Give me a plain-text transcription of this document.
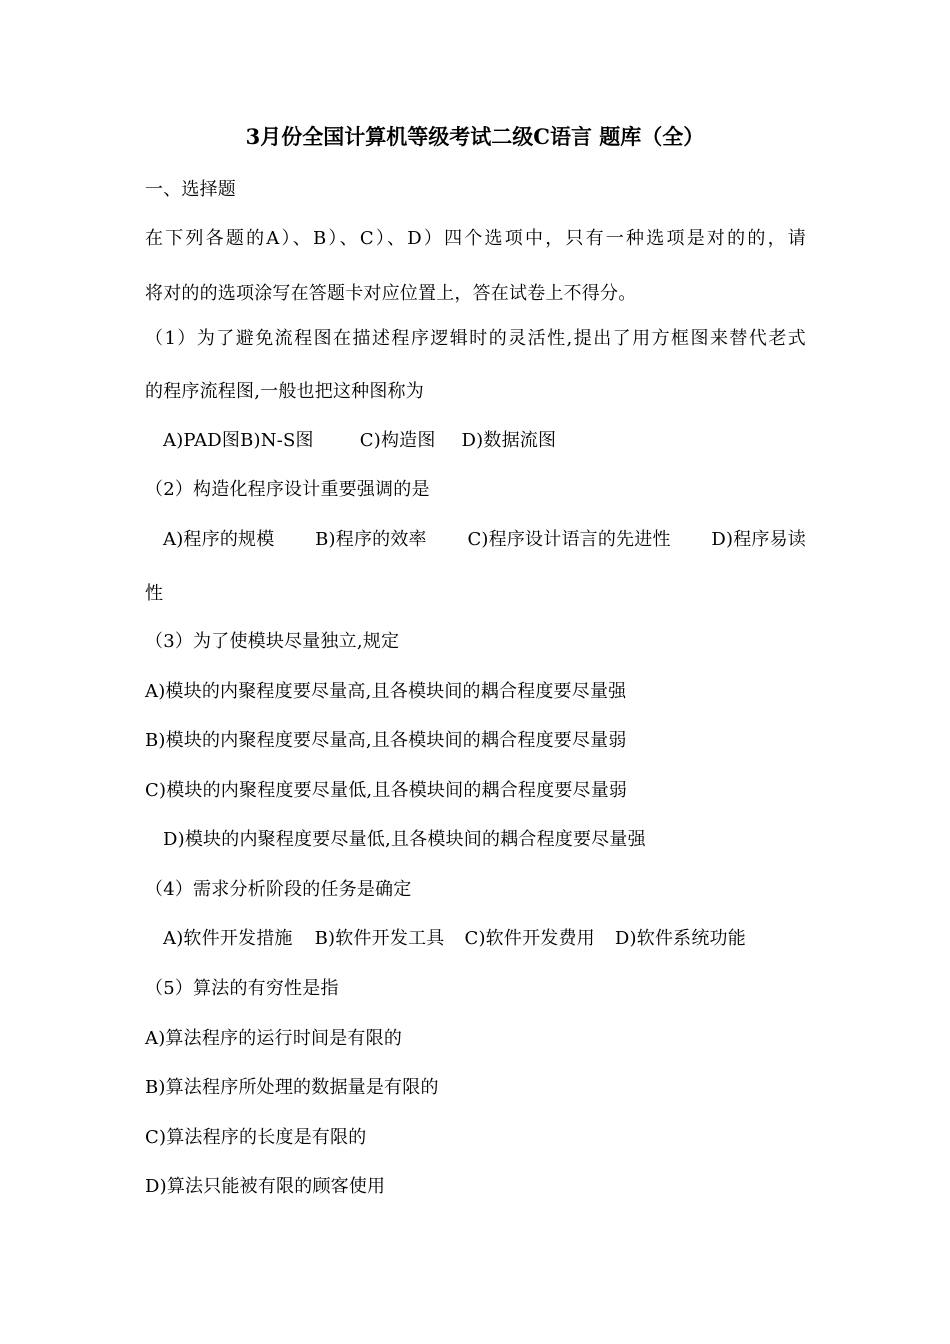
3月份全国计算机等级考试二级C语言 题库（全）
一、选择题
在下列各题的A）、B）、C）、D）四个选项中，只有一种选项是对的的，请
将对的的选项涂写在答题卡对应位置上，答在试卷上不得分。
（1）为了避免流程图在描述程序逻辑时的灵活性,提出了用方框图来替代老式
的程序流程图,一般也把这种图称为
A)PAD图B)N-S图	C)构造图 D)数据流图
（2）构造化程序设计重要强调的是
A)程序的规模 B)程序的效率 C)程序设计语言的先进性 D)程序易读
性
（3）为了使模块尽量独立,规定
A)模块的内聚程度要尽量高,且各模块间的耦合程度要尽量强
B)模块的内聚程度要尽量高,且各模块间的耦合程度要尽量弱
C)模块的内聚程度要尽量低,且各模块间的耦合程度要尽量弱
D)模块的内聚程度要尽量低,且各模块间的耦合程度要尽量强
（4）需求分析阶段的任务是确定
A)软件开发措施 B)软件开发工具 C)软件开发费用 D)软件系统功能
（5）算法的有穷性是指
A)算法程序的运行时间是有限的
B)算法程序所处理的数据量是有限的
C)算法程序的长度是有限的
D)算法只能被有限的顾客使用
